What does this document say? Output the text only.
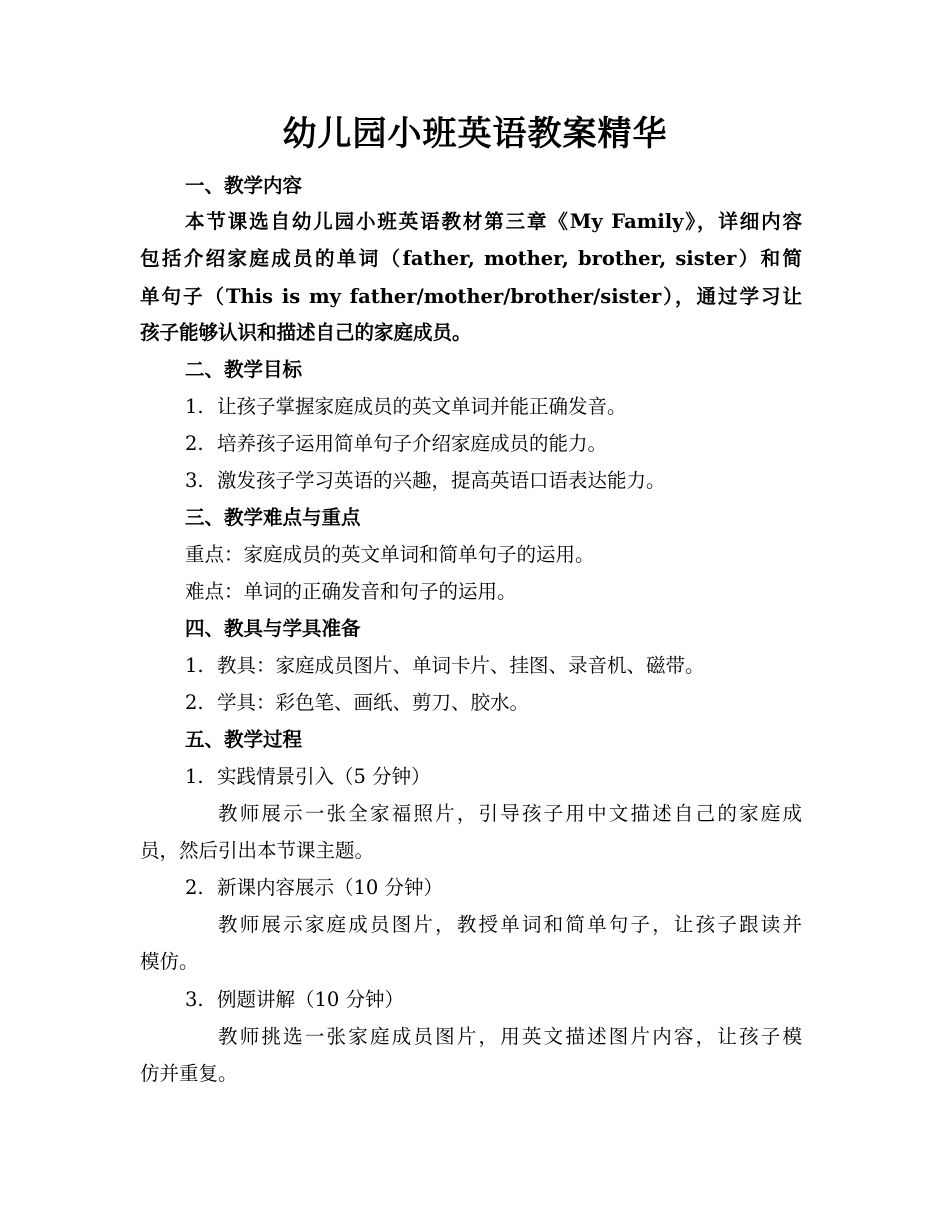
幼儿园小班英语教案精华
一、教学内容
本节课选自幼儿园小班英语教材第三章《My Family》，详细内容
包括介绍家庭成员的单词（father, mother, brother, sister）和简
单句子（This is my father/mother/brother/sister），通过学习让
孩子能够认识和描述自己的家庭成员。
二、教学目标
1. 让孩子掌握家庭成员的英文单词并能正确发音。
2. 培养孩子运用简单句子介绍家庭成员的能力。
3. 激发孩子学习英语的兴趣，提高英语口语表达能力。
三、教学难点与重点
重点：家庭成员的英文单词和简单句子的运用。
难点：单词的正确发音和句子的运用。
四、教具与学具准备
1. 教具：家庭成员图片、单词卡片、挂图、录音机、磁带。
2. 学具：彩色笔、画纸、剪刀、胶水。
五、教学过程
1. 实践情景引入（5 分钟）
教师展示一张全家福照片，引导孩子用中文描述自己的家庭成
员，然后引出本节课主题。
2. 新课内容展示（10 分钟）
教师展示家庭成员图片，教授单词和简单句子，让孩子跟读并
模仿。
3. 例题讲解（10 分钟）
教师挑选一张家庭成员图片，用英文描述图片内容，让孩子模
仿并重复。
